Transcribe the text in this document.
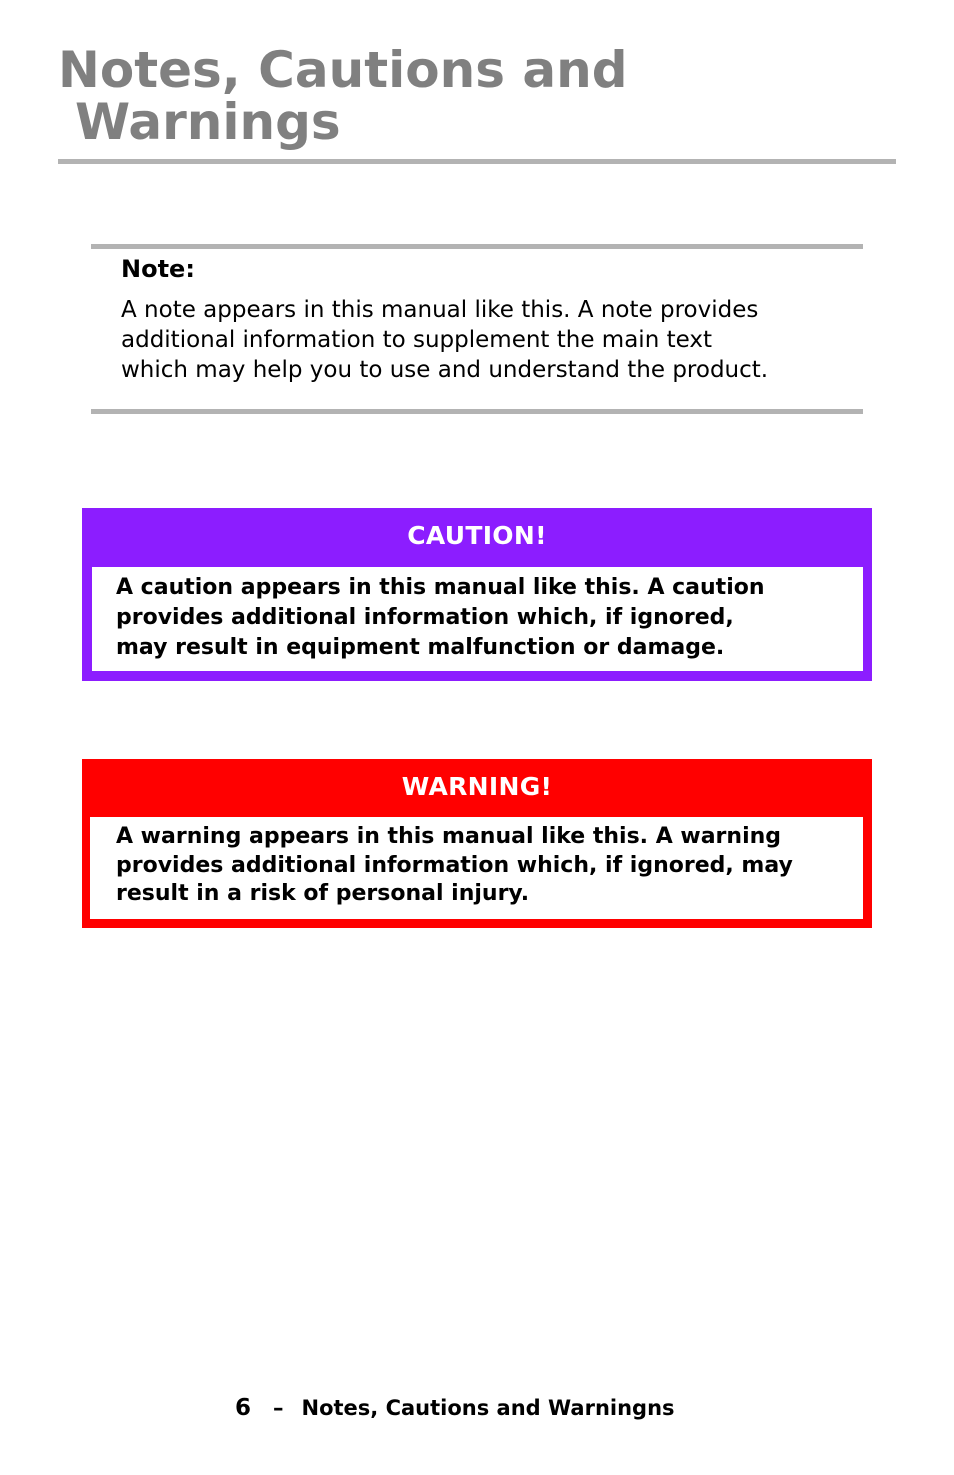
Notes, Cautions and
Warnings
Note:

A note appears in this manual like this. A note provides
additional information to supplement the main text
which may help you to use and understand the product.

CAUTION!

A caution appears in this manual like this. A caution
provides additional information which, if ignored,
may result in equipment malfunction or damage.

WARNING!

A warning appears in this manual like this. A warning
provides additional information which, if ignored, may
result in a risk of personal injury.

6 – Notes, Cautions and Warningns
